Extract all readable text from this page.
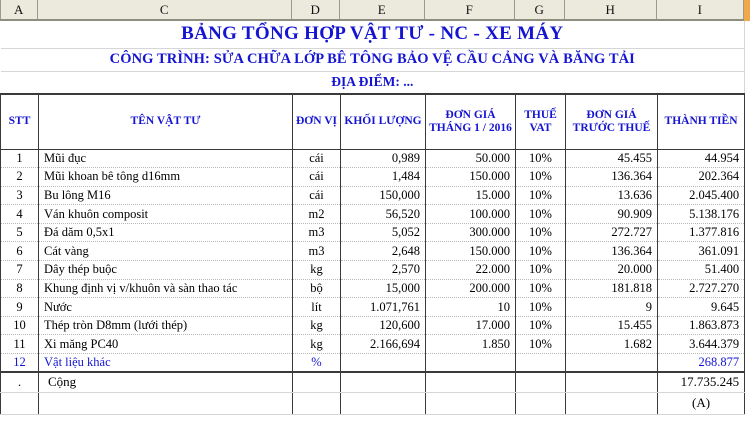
A	C	D	E	F	G	H	I
BẢNG TỔNG HỢP VẬT TƯ - NC - XE MÁY							
CÔNG TRÌNH: SỬA CHỮA LỚP BÊ TÔNG BẢO VỆ CẦU CẢNG VÀ BĂNG TẢI							
ĐỊA ĐIỂM: ...							
STT	TÊN VẬT TƯ	ĐƠN VỊ	KHỐI LƯỢNG	ĐƠN GIÁ THÁNG 1 / 2016	THUẾ VAT	ĐƠN GIÁ TRƯỚC THUẾ	THÀNH TIỀN
1	Mũi đục	cái	0,989	50.000	10%	45.455	44.954
2	Mũi khoan bê tông d16mm	cái	1,484	150.000	10%	136.364	202.364
3	Bu lông M16	cái	150,000	15.000	10%	13.636	2.045.400
4	Ván khuôn composit	m2	56,520	100.000	10%	90.909	5.138.176
5	Đá dăm 0,5x1	m3	5,052	300.000	10%	272.727	1.377.816
6	Cát vàng	m3	2,648	150.000	10%	136.364	361.091
7	Dây thép buộc	kg	2,570	22.000	10%	20.000	51.400
8	Khung định vị v/khuôn và sàn thao tác	bộ	15,000	200.000	10%	181.818	2.727.270
9	Nước	lít	1.071,761	10	10%	9	9.645
10	Thép tròn D8mm (lưới thép)	kg	120,600	17.000	10%	15.455	1.863.873
11	Xi măng PC40	kg	2.166,694	1.850	10%	1.682	3.644.379
12	Vật liệu khác	%					268.877
.	Cộng						17.735.245
							(A)
